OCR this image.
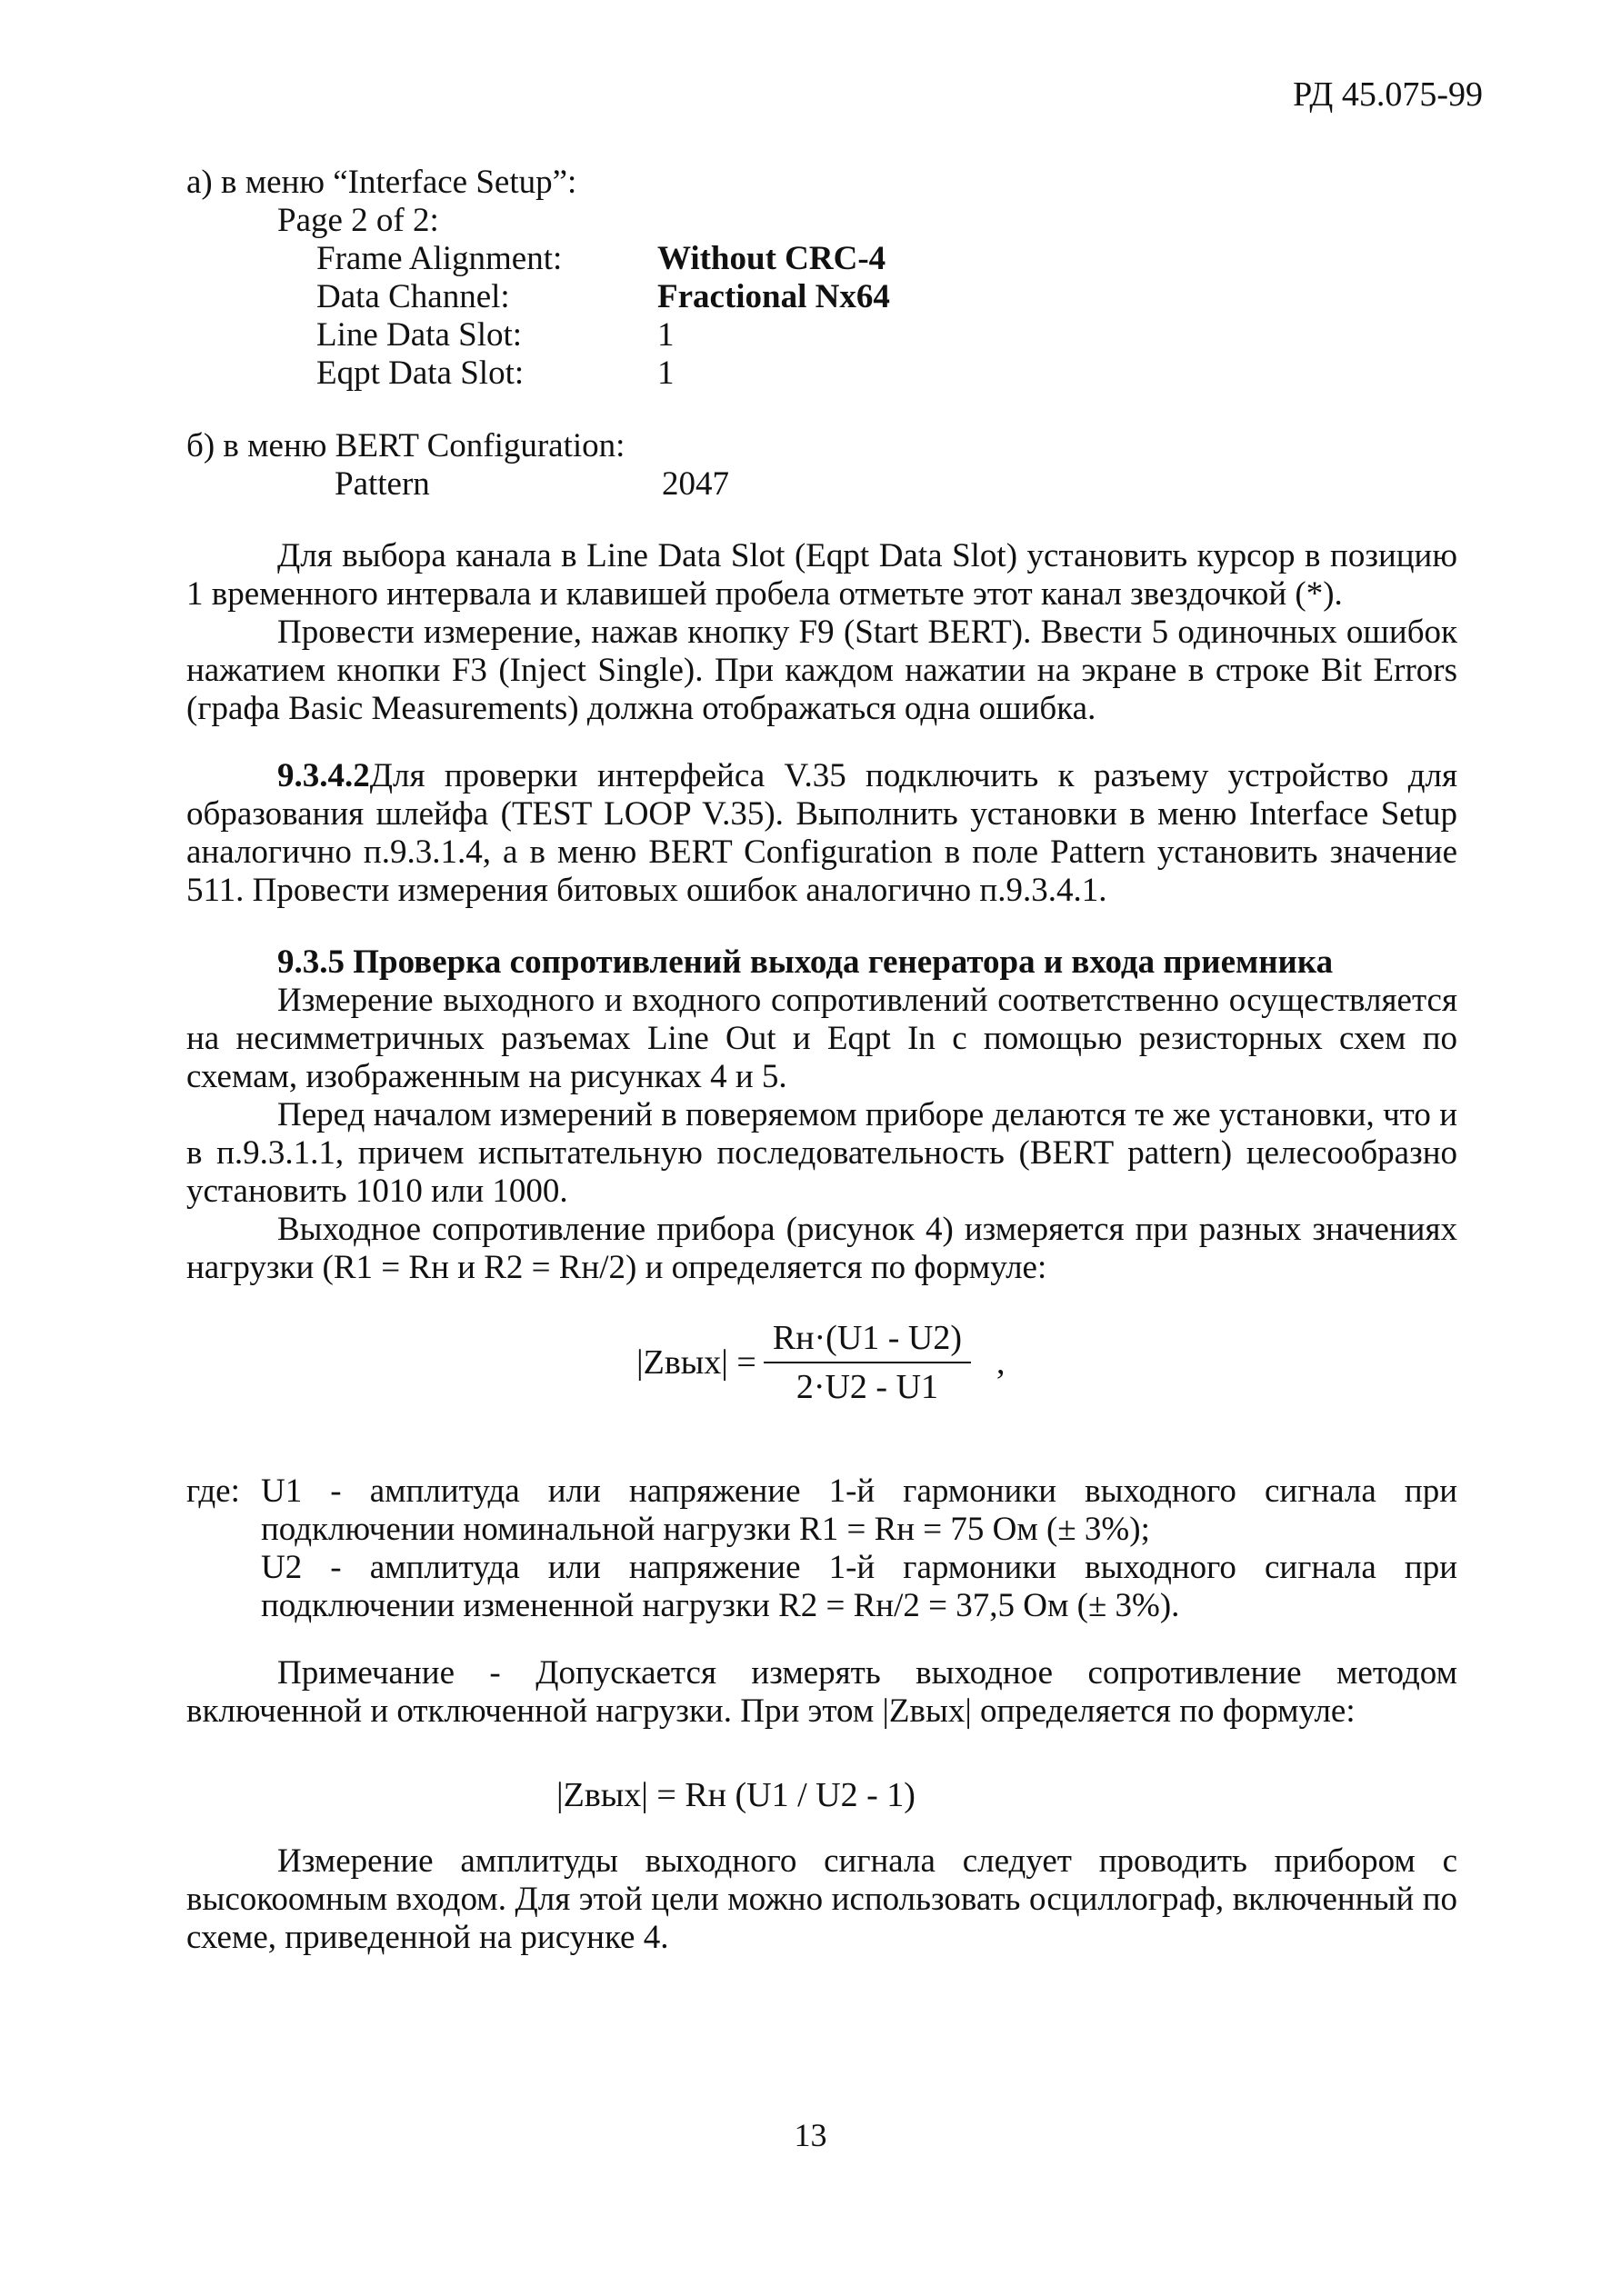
РД 45.075-99
а) в меню “Interface Setup”:
Page 2 of 2:
Frame Alignment:	Without CRC-4
Data Channel:	Fractional Nx64
Line Data Slot:	1
Eqpt Data Slot:	1
б) в меню BERT Configuration:
Pattern	2047

Для выбора канала в Line Data Slot (Eqpt Data Slot) установить курсор в позицию 1 временного интервала и клавишей пробела отметьте этот канал звездочкой (*).

Провести измерение, нажав кнопку F9 (Start BERT). Ввести 5 одиночных ошибок нажатием кнопки F3 (Inject Single). При каждом нажатии на экране в строке Bit Errors (графа Basic Measurements) должна отображаться одна ошибка.

9.3.4.2Для проверки интерфейса V.35 подключить к разъему устройство для образования шлейфа (TEST LOOP V.35). Выполнить установки в меню Interface Setup аналогично п.9.3.1.4, а в меню BERT Configuration в поле Pattern установить значение 511. Провести измерения битовых ошибок аналогично п.9.3.4.1.

9.3.5 Проверка сопротивлений выхода генератора и входа приемника

Измерение выходного и входного сопротивлений соответственно осуществляется на несимметричных разъемах Line Out и Eqpt In с помощью резисторных схем по схемам, изображенным на рисунках 4 и 5.

Перед началом измерений в поверяемом приборе делаются те же установки, что и в п.9.3.1.1, причем испытательную последовательность (BERT pattern) целесообразно установить 1010 или 1000.

Выходное сопротивление прибора (рисунок 4) измеряется при разных значениях нагрузки (R1 = Rн и R2 = Rн/2) и определяется по формуле:

|Zвых| = $\frac{Rн\cdot(U1 - U2)}{2\cdot U2 - U1}$ ,
где: U1 - амплитуда или напряжение 1-й гармоники выходного сигнала при подключении номинальной нагрузки R1 = Rн = 75 Ом (± 3%);

U2 - амплитуда или напряжение 1-й гармоники выходного сигнала при подключении измененной нагрузки R2 = Rн/2 = 37,5 Ом (± 3%).

Примечание - Допускается измерять выходное сопротивление методом включенной и отключенной нагрузки. При этом |Zвых| определяется по формуле:

|Zвых| = Rн (U1 / U2 - 1)

Измерение амплитуды выходного сигнала следует проводить прибором с высокоомным входом. Для этой цели можно использовать осциллограф, включенный по схеме, приведенной на рисунке 4.

13
